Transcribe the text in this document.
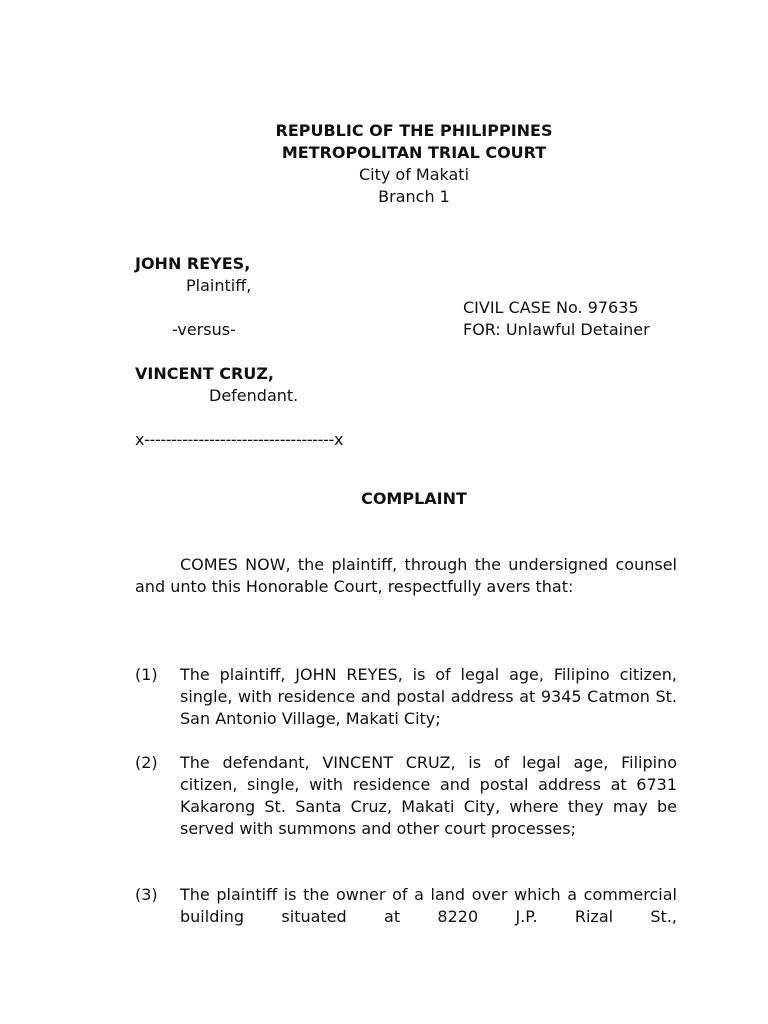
REPUBLIC OF THE PHILIPPINES
METROPOLITAN TRIAL COURT
City of Makati
Branch 1
JOHN REYES,
Plaintiff,
CIVIL CASE No. 97635
-versus-	FOR: Unlawful Detainer
VINCENT CRUZ,
Defendant.
x-----------------------------------x
COMPLAINT
COMES NOW, the plaintiff, through the undersigned counsel and unto this Honorable Court, respectfully avers that:
(1) The plaintiff, JOHN REYES, is of legal age, Filipino citizen, single, with residence and postal address at 9345 Catmon St. San Antonio Village, Makati City;
(2) The defendant, VINCENT CRUZ, is of legal age, Filipino citizen, single, with residence and postal address at 6731 Kakarong St. Santa Cruz, Makati City, where they may be served with summons and other court processes;
(3) The plaintiff is the owner of a land over which a commercial building situated at 8220 J.P. Rizal St.,
